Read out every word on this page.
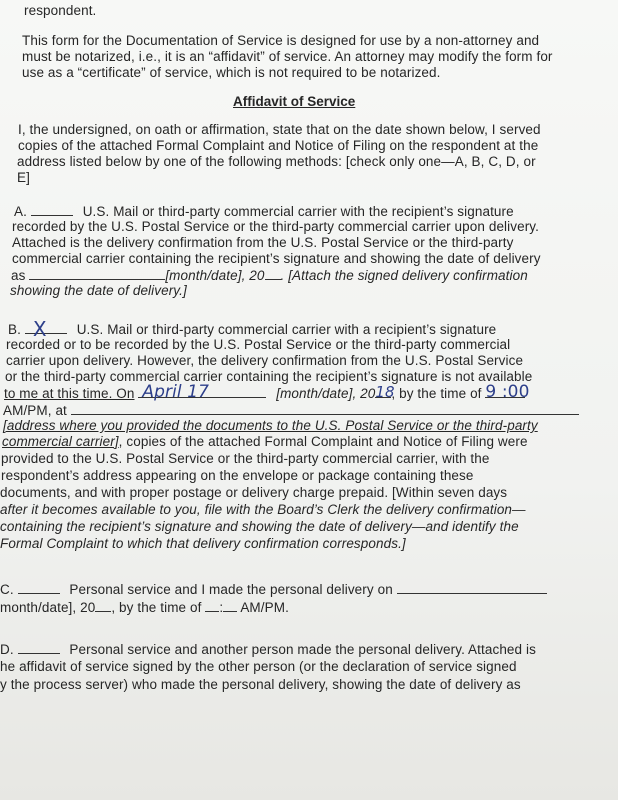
respondent.
This form for the Documentation of Service is designed for use by a non-attorney and
must be notarized, i.e., it is an “affidavit” of service. An attorney may modify the form for
use as a “certificate” of service, which is not required to be notarized.
Affidavit of Service
I, the undersigned, on oath or affirmation, state that on the date shown below, I served
copies of the attached Formal Complaint and Notice of Filing on the respondent at the
address listed below by one of the following methods: [check only one—A, B, C, D, or
E]
A.	U.S. Mail or third-party commercial carrier with the recipient’s signature
recorded by the U.S. Postal Service or the third-party commercial carrier upon delivery.
Attached is the delivery confirmation from the U.S. Postal Service or the third-party
commercial carrier containing the recipient’s signature and showing the date of delivery
as	[month/date], 20 . [Attach the signed delivery confirmation
showing the date of delivery.]
B. X U.S. Mail or third-party commercial carrier with a recipient’s signature
recorded or to be recorded by the U.S. Postal Service or the third-party commercial
carrier upon delivery. However, the delivery confirmation from the U.S. Postal Service
or the third-party commercial carrier containing the recipient’s signature is not available
to me at this time. On April 17	[month/date], 20 18
, by the time of 9 :00
AM/PM, at
[address where you provided the documents to the U.S. Postal Service or the third-party
commercial carrier], copies of the attached Formal Complaint and Notice of Filing were
provided to the U.S. Postal Service or the third-party commercial carrier, with the
respondent’s address appearing on the envelope or package containing these
documents, and with proper postage or delivery charge prepaid. [Within seven days
after it becomes available to you, file with the Board’s Clerk the delivery confirmation—
containing the recipient’s signature and showing the date of delivery—and identify the
Formal Complaint to which that delivery confirmation corresponds.]
C.	Personal service and I made the personal delivery on
month/date], 20 , by the time of : AM/PM.
D.	Personal service and another person made the personal delivery. Attached is
he affidavit of service signed by the other person (or the declaration of service signed
y the process server) who made the personal delivery, showing the date of delivery as
